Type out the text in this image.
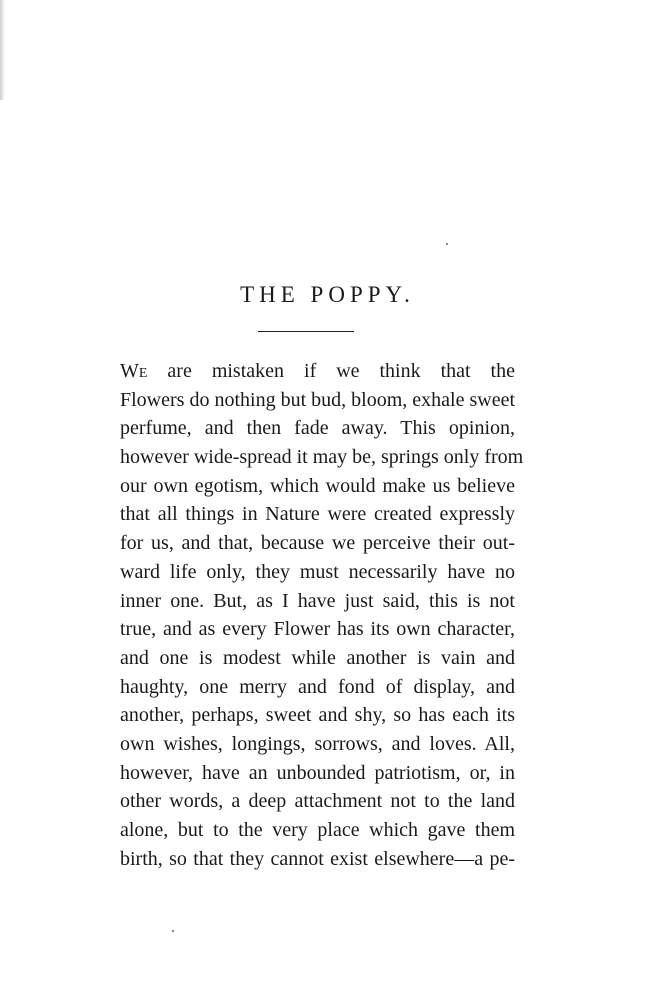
THE POPPY.
WE are mistaken if we think that the
Flowers do nothing but bud, bloom, exhale sweet
perfume, and then fade away. This opinion,
however wide-spread it may be, springs only from
our own egotism, which would make us believe
that all things in Nature were created expressly
for us, and that, because we perceive their out-
ward life only, they must necessarily have no
inner one. But, as I have just said, this is not
true, and as every Flower has its own character,
and one is modest while another is vain and
haughty, one merry and fond of display, and
another, perhaps, sweet and shy, so has each its
own wishes, longings, sorrows, and loves. All,
however, have an unbounded patriotism, or, in
other words, a deep attachment not to the land
alone, but to the very place which gave them
birth, so that they cannot exist elsewhere—a pe-
